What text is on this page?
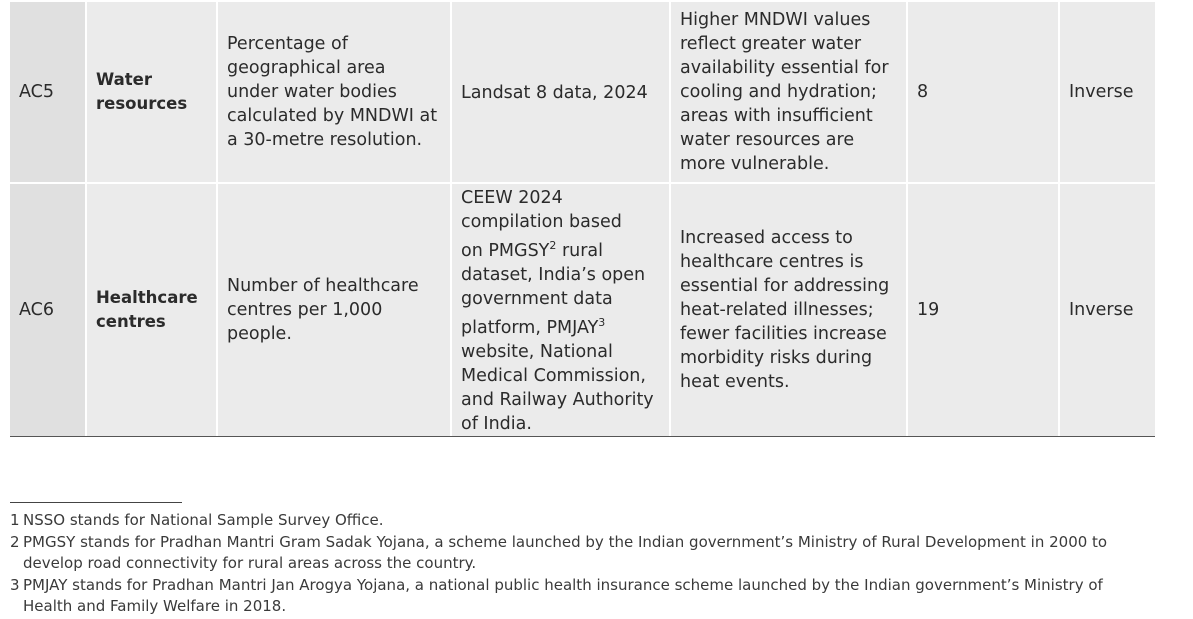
AC5
Water
resources
Percentage of
geographical area
under water bodies
calculated by MNDWI at
a 30-metre resolution.
Landsat 8 data, 2024
Higher MNDWI values
reflect greater water
availability essential for
cooling and hydration;
areas with insufficient
water resources are
more vulnerable.
8	Inverse
AC6
Healthcare
centres
Number of healthcare
centres per 1,000
people.
CEEW 2024
compilation based
on PMGSY$^2$ rural
dataset, India’s open
government data
platform, PMJAY$^3$
website, National
Medical Commission,
and Railway Authority
of India.
Increased access to
healthcare centres is
essential for addressing
heat-related illnesses;
fewer facilities increase
morbidity risks during
heat events.
19	Inverse
1 NSSO stands for National Sample Survey Office.
2 PMGSY stands for Pradhan Mantri Gram Sadak Yojana, a scheme launched by the Indian government’s Ministry of Rural Development in 2000 to
develop road connectivity for rural areas across the country.
3 PMJAY stands for Pradhan Mantri Jan Arogya Yojana, a national public health insurance scheme launched by the Indian government’s Ministry of
Health and Family Welfare in 2018.
